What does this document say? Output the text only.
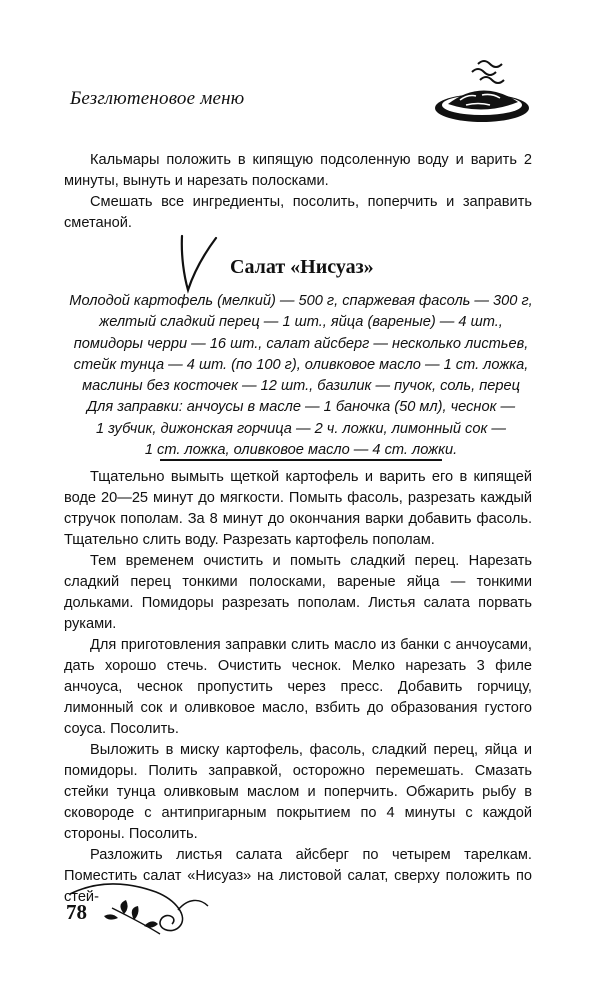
Безглютеновое меню

Кальмары положить в кипящую подсоленную воду и варить 2 минуты, вынуть и нарезать полосками.

Смешать все ингредиенты, посолить, поперчить и заправить сметаной.

Салат «Нисуаз»
Молодой картофель (мелкий) — 500 г, спаржевая фасоль — 300 г,
желтый сладкий перец — 1 шт., яйца (вареные) — 4 шт.,
помидоры черри — 16 шт., салат айсберг — несколько листьев,
стейк тунца — 4 шт. (по 100 г), оливковое масло — 1 ст. ложка,
маслины без косточек — 12 шт., базилик — пучок, соль, перец
Для заправки: анчоусы в масле — 1 баночка (50 мл), чеснок —
1 зубчик, дижонская горчица — 2 ч. ложки, лимонный сок —
1 ст. ложка, оливковое масло — 4 ст. ложки.

Тщательно вымыть щеткой картофель и варить его в кипящей воде 20—25 минут до мягкости. Помыть фасоль, разрезать каждый стручок пополам. За 8 минут до окончания варки добавить фасоль. Тщательно слить воду. Разрезать картофель пополам.

Тем временем очистить и помыть сладкий перец. Нарезать сладкий перец тонкими полосками, вареные яйца — тонкими дольками. Помидоры разрезать пополам. Листья салата порвать руками.

Для приготовления заправки слить масло из банки с анчоусами, дать хорошо стечь. Очистить чеснок. Мелко нарезать 3 филе анчоуса, чеснок пропустить через пресс. Добавить горчицу, лимонный сок и оливковое масло, взбить до образования густого соуса. Посолить.

Выложить в миску картофель, фасоль, сладкий перец, яйца и помидоры. Полить заправкой, осторожно перемешать. Смазать стейки тунца оливковым маслом и поперчить. Обжарить рыбу в сковороде с антипригарным покрытием по 4 минуты с каждой стороны. Посолить.

Разложить листья салата айсберг по четырем тарелкам. Поместить салат «Нисуаз» на листовой салат, сверху положить по стей-

78
